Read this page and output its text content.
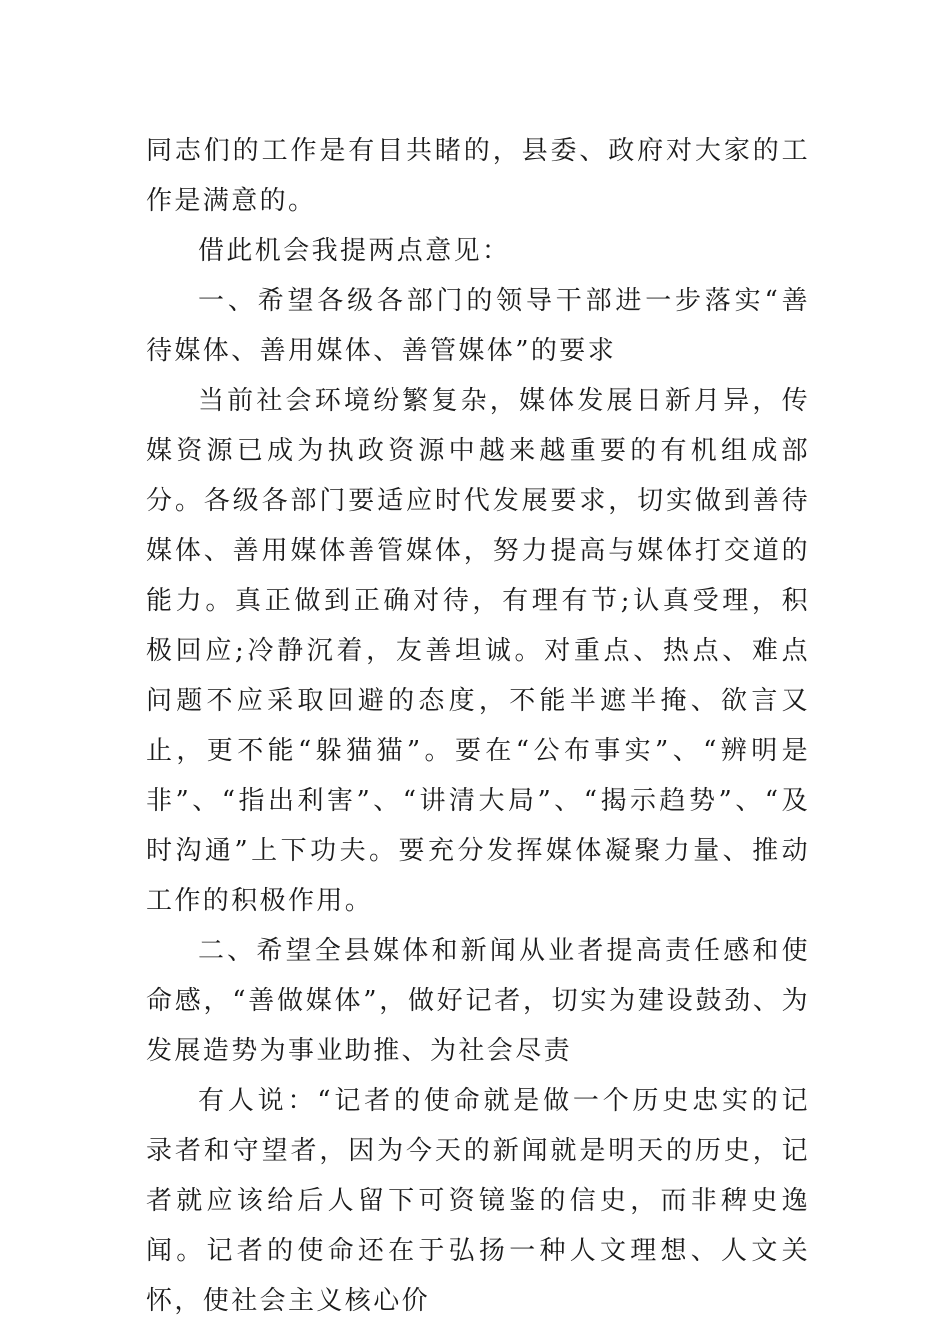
同志们的工作是有目共睹的，县委、政府对大家的工作是满意的。

借此机会我提两点意见：

一、希望各级各部门的领导干部进一步落实“善待媒体、善用媒体、善管媒体”的要求

当前社会环境纷繁复杂，媒体发展日新月异，传媒资源已成为执政资源中越来越重要的有机组成部分。各级各部门要适应时代发展要求，切实做到善待媒体、善用媒体善管媒体，努力提高与媒体打交道的能力。真正做到正确对待，有理有节;认真受理，积极回应;冷静沉着，友善坦诚。对重点、热点、难点问题不应采取回避的态度，不能半遮半掩、欲言又止，更不能“躲猫猫”。要在“公布事实”、“辨明是非”、“指出利害”、“讲清大局”、“揭示趋势”、“及时沟通”上下功夫。要充分发挥媒体凝聚力量、推动工作的积极作用。

二、希望全县媒体和新闻从业者提高责任感和使命感，“善做媒体”，做好记者，切实为建设鼓劲、为发展造势为事业助推、为社会尽责

有人说：“记者的使命就是做一个历史忠实的记录者和守望者，因为今天的新闻就是明天的历史，记者就应该给后人留下可资镜鉴的信史，而非稗史逸闻。记者的使命还在于弘扬一种人文理想、人文关怀，使社会主义核心价
